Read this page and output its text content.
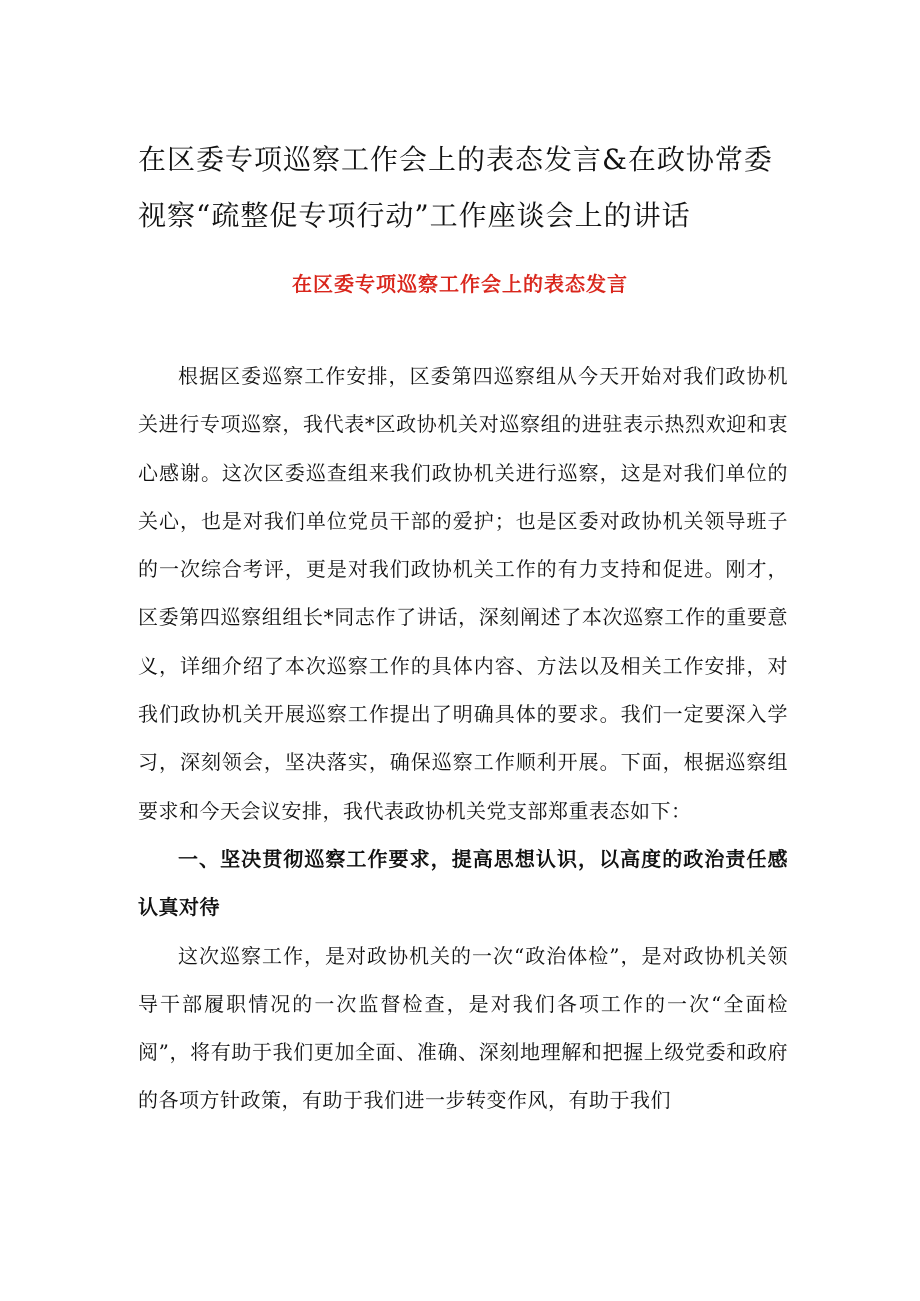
在区委专项巡察工作会上的表态发言&在政协常委视察“疏整促专项行动”工作座谈会上的讲话
在区委专项巡察工作会上的表态发言

根据区委巡察工作安排，区委第四巡察组从今天开始对我们政协机关进行专项巡察，我代表*区政协机关对巡察组的进驻表示热烈欢迎和衷心感谢。这次区委巡查组来我们政协机关进行巡察，这是对我们单位的关心，也是对我们单位党员干部的爱护；也是区委对政协机关领导班子的一次综合考评，更是对我们政协机关工作的有力支持和促进。刚才，区委第四巡察组组长*同志作了讲话，深刻阐述了本次巡察工作的重要意义，详细介绍了本次巡察工作的具体内容、方法以及相关工作安排，对我们政协机关开展巡察工作提出了明确具体的要求。我们一定要深入学习，深刻领会，坚决落实，确保巡察工作顺利开展。下面，根据巡察组要求和今天会议安排，我代表政协机关党支部郑重表态如下：

一、坚决贯彻巡察工作要求，提高思想认识，以高度的政治责任感认真对待

这次巡察工作，是对政协机关的一次“政治体检”，是对政协机关领导干部履职情况的一次监督检查，是对我们各项工作的一次“全面检阅”，将有助于我们更加全面、准确、深刻地理解和把握上级党委和政府的各项方针政策，有助于我们进一步转变作风，有助于我们
